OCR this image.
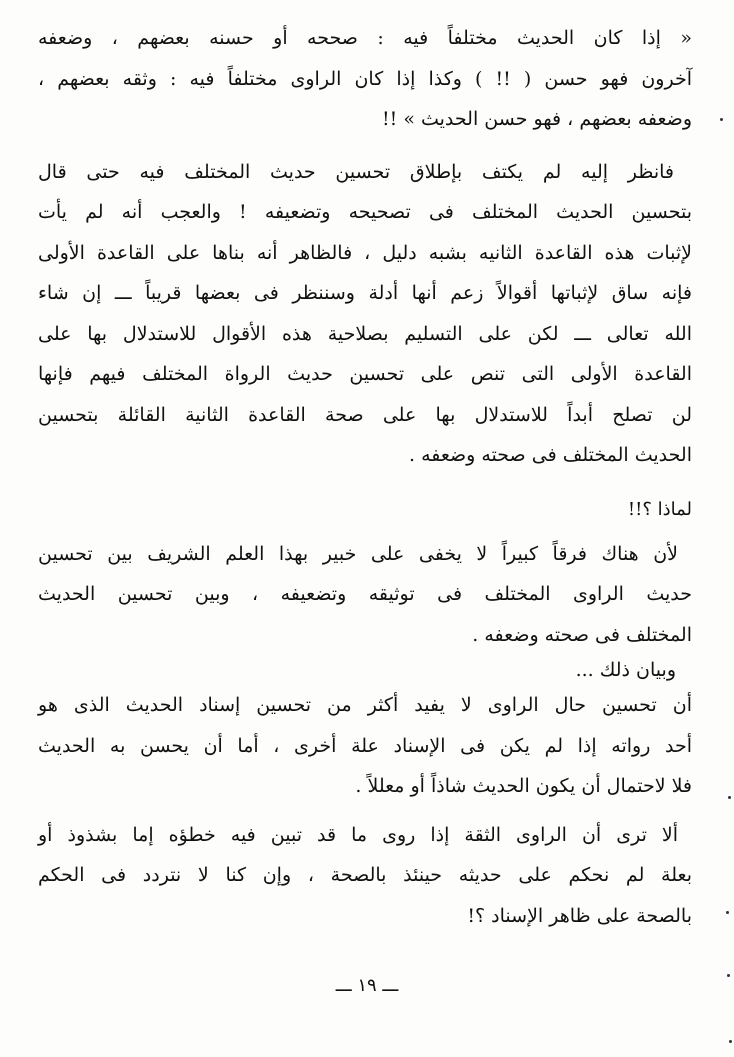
« إذا كان الحديث مختلفاً فيه : صححه أو حسنه بعضهم ، وضعفه
آخرون فهو حسن ( !! ) وكذا إذا كان الراوى مختلفاً فيه : وثقه بعضهم ،
وضعفه بعضهم ، فهو حسن الحديث » !!

فانظر إليه لم يكتف بإطلاق تحسين حديث المختلف فيه حتى قال
بتحسين الحديث المختلف فى تصحيحه وتضعيفه ! والعجب أنه لم يأت
لإثبات هذه القاعدة الثانيه بشبه دليل ، فالظاهر أنه بناها على القاعدة الأولى
فإنه ساق لإثباتها أقوالاً زعم أنها أدلة وسننظر فى بعضها قريباً ـــ إن شاء
الله تعالى ـــ لكن على التسليم بصلاحية هذه الأقوال للاستدلال بها على
القاعدة الأولى التى تنص على تحسين حديث الرواة المختلف فيهم فإنها
لن تصلح أبداً للاستدلال بها على صحة القاعدة الثانية القائلة بتحسين
الحديث المختلف فى صحته وضعفه .

لماذا ؟!!

لأن هناك فرقاً كبيراً لا يخفى على خبير بهذا العلم الشريف بين تحسين
حديث الراوى المختلف فى توثيقه وتضعيفه ، وبين تحسين الحديث
المختلف فى صحته وضعفه .

وبيان ذلك ...

أن تحسين حال الراوى لا يفيد أكثر من تحسين إسناد الحديث الذى هو
أحد رواته إذا لم يكن فى الإسناد علة أخرى ، أما أن يحسن به الحديث
فلا لاحتمال أن يكون الحديث شاذاً أو معللاً .

ألا ترى أن الراوى الثقة إذا روى ما قد تبين فيه خطؤه إما بشذوذ أو
بعلة لم نحكم على حديثه حينئذ بالصحة ، وإن كنا لا نتردد فى الحكم
بالصحة على ظاهر الإسناد ؟!

ـــ ١٩ ـــ
